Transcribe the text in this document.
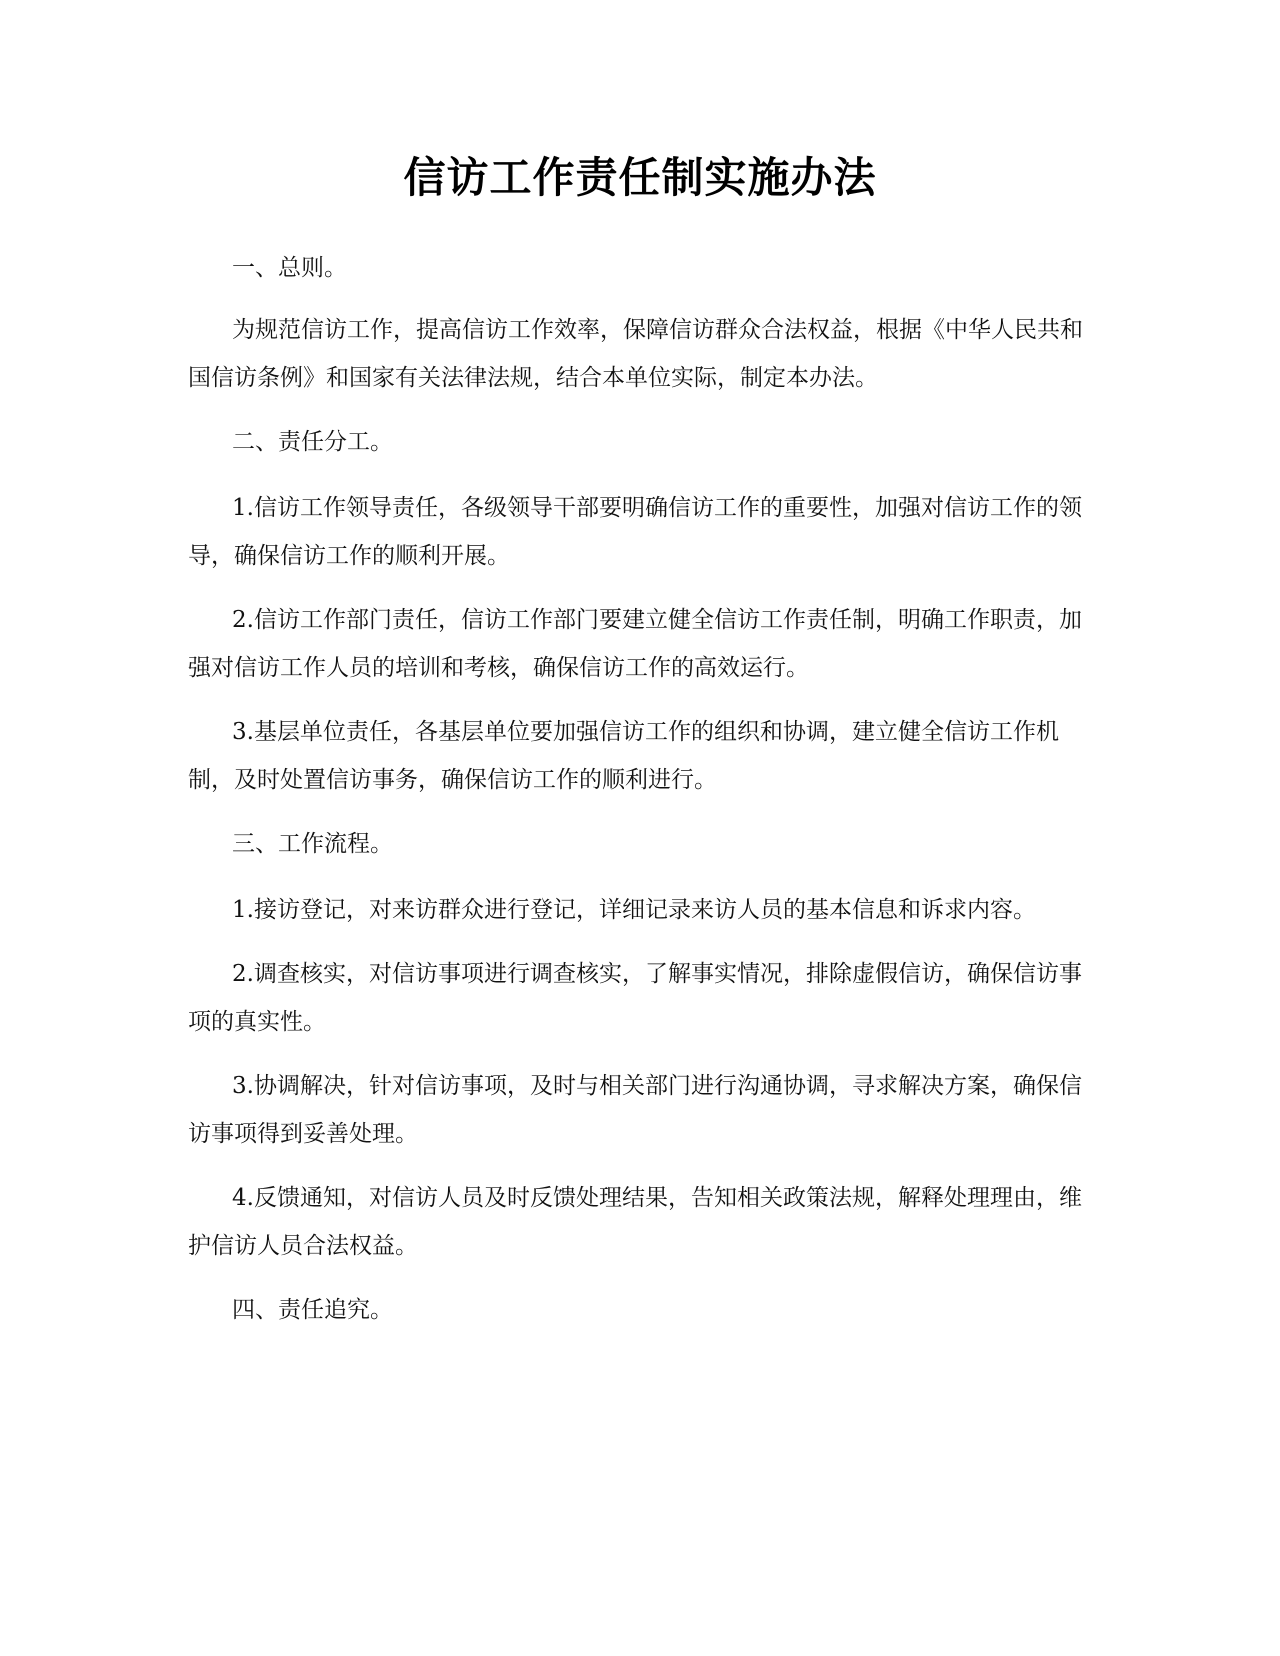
信访工作责任制实施办法

一、总则。

为规范信访工作，提高信访工作效率，保障信访群众合法权益，根据《中华人民共和国信访条例》和国家有关法律法规，结合本单位实际，制定本办法。

二、责任分工。

1.信访工作领导责任，各级领导干部要明确信访工作的重要性，加强对信访工作的领导，确保信访工作的顺利开展。

2.信访工作部门责任，信访工作部门要建立健全信访工作责任制，明确工作职责，加强对信访工作人员的培训和考核，确保信访工作的高效运行。

3.基层单位责任，各基层单位要加强信访工作的组织和协调，建立健全信访工作机制，及时处置信访事务，确保信访工作的顺利进行。

三、工作流程。

1.接访登记，对来访群众进行登记，详细记录来访人员的基本信息和诉求内容。

2.调查核实，对信访事项进行调查核实，了解事实情况，排除虚假信访，确保信访事项的真实性。

3.协调解决，针对信访事项，及时与相关部门进行沟通协调，寻求解决方案，确保信访事项得到妥善处理。

4.反馈通知，对信访人员及时反馈处理结果，告知相关政策法规，解释处理理由，维护信访人员合法权益。

四、责任追究。
